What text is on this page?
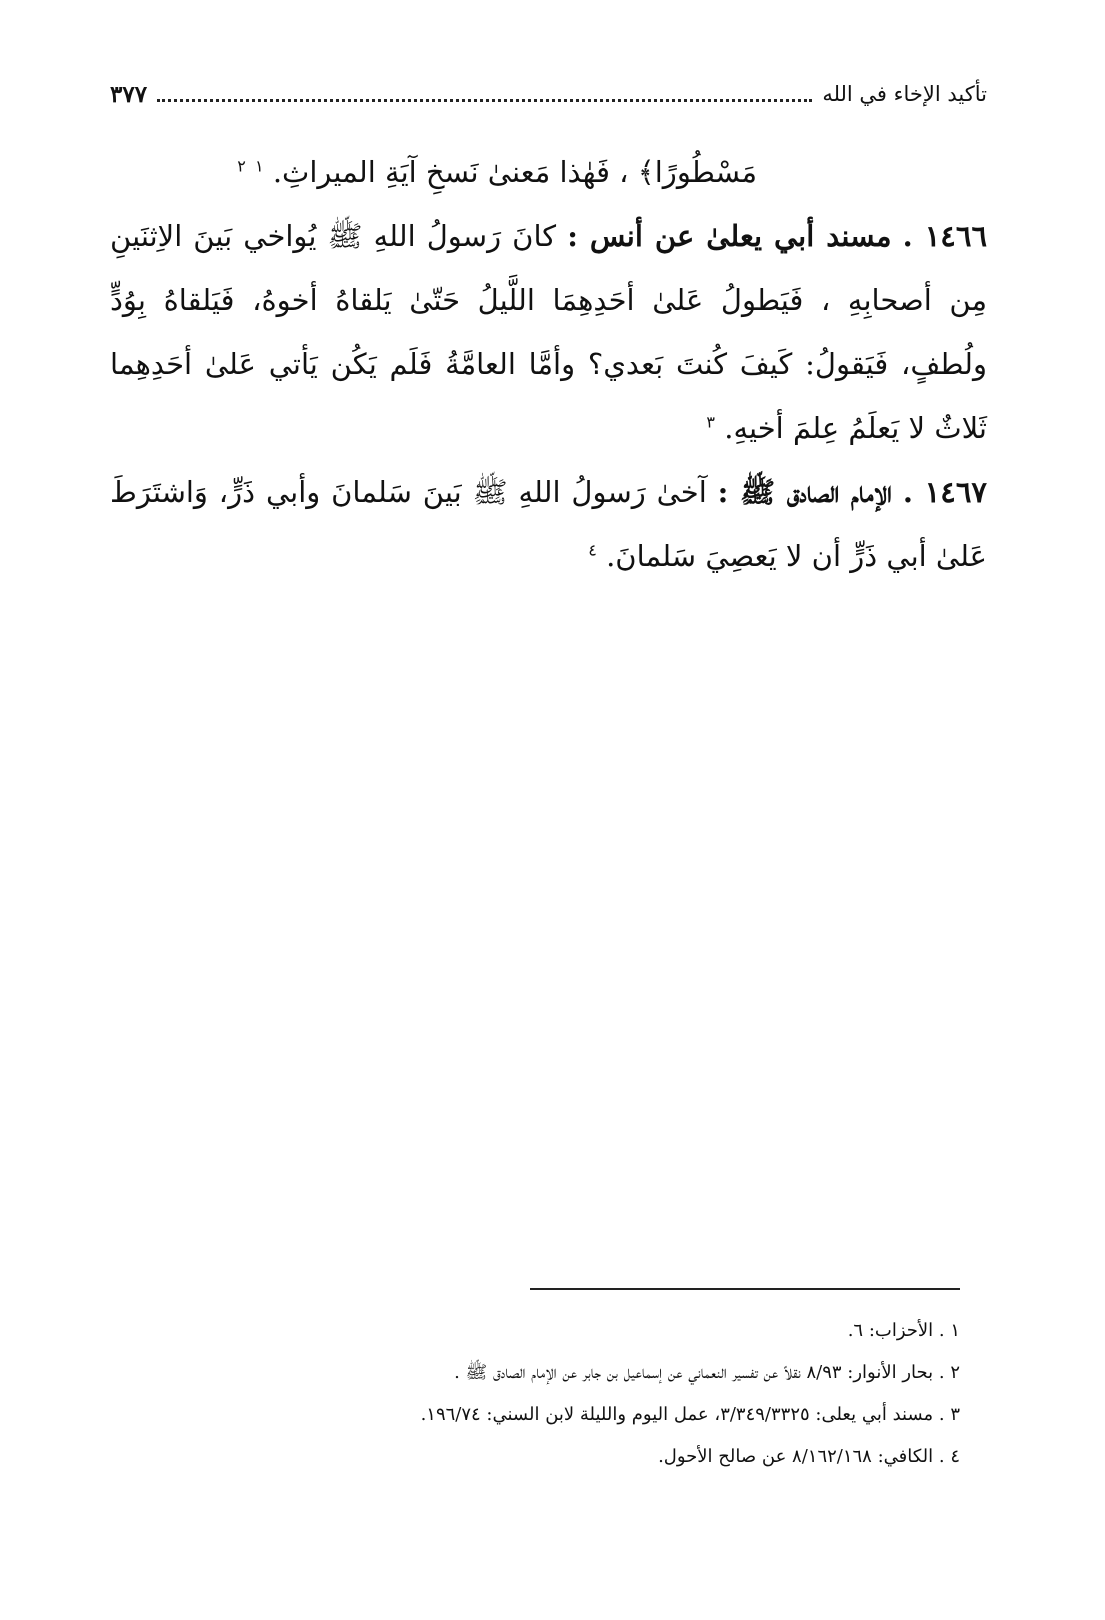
تأكيد الإخاء في الله
٣٧٧

مَسْطُورًا﴾ ، فَهٰذا مَعنىٰ نَسخِ آيَةِ الميراثِ. $^١$ $^٢$

١٤٦٦ . مسند أبي يعلىٰ عن أنس : كانَ رَسولُ اللهِ ﷺ يُواخي بَينَ الاِثنَينِ مِن أصحابِهِ ، فَيَطولُ عَلىٰ أحَدِهِمَا اللَّيلُ حَتّىٰ يَلقاهُ أخوهُ، فَيَلقاهُ بِوُدٍّ ولُطفٍ، فَيَقولُ: كَيفَ كُنتَ بَعدي؟ وأمَّا العامَّةُ فَلَم يَكُن يَأتي عَلىٰ أحَدِهِما ثَلاثٌ لا يَعلَمُ عِلمَ أخيهِ. $^٣$

١٤٦٧ . الإمام الصادق ﷺ : آخىٰ رَسولُ اللهِ ﷺ بَينَ سَلمانَ وأبي ذَرٍّ، وَاشتَرَطَ عَلىٰ أبي ذَرٍّ أن لا يَعصِيَ سَلمانَ. $^٤$

١ . الأحزاب: ٦.

٢ . بحار الأنوار: ٨/٩٣ نقلاً عن تفسير النعماني عن إسماعيل بن جابر عن الإمام الصادق ﷺ .

٣ . مسند أبي يعلى: ٣/٣٤٩/٣٣٢٥، عمل اليوم والليلة لابن السني: ١٩٦/٧٤.

٤ . الكافي: ٨/١٦٢/١٦٨ عن صالح الأحول.
